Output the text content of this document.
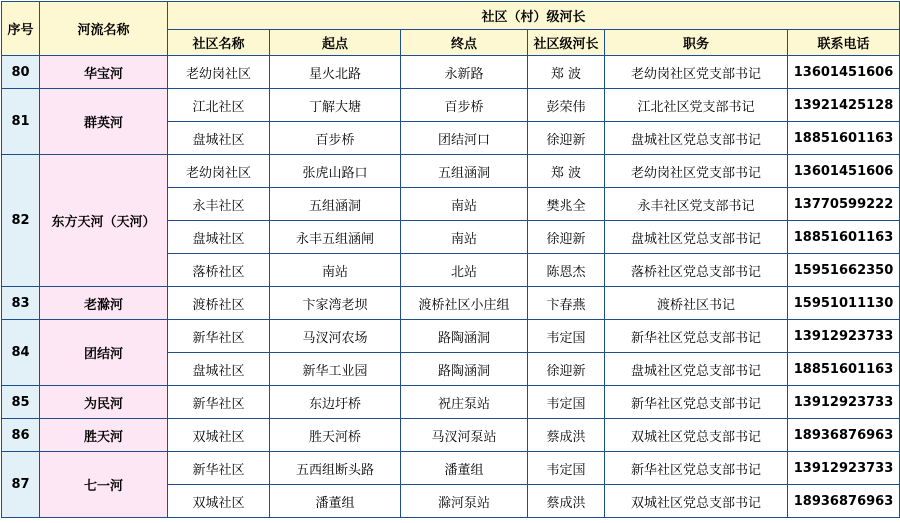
序号	河流名称	社区（村）级河长					
		社区名称	起点	终点	社区级河长	职务	联系电话
80	华宝河	老幼岗社区	星火北路	永新路	郑 波	老幼岗社区党支部书记	13601451606
81	群英河	江北社区	丁解大塘	百步桥	彭荣伟	江北社区党支部书记	13921425128
		盘城社区	百步桥	团结河口	徐迎新	盘城社区党总支部书记	18851601163
82	东方天河（天河）	老幼岗社区	张虎山路口	五组涵洞	郑 波	老幼岗社区党支部书记	13601451606
		永丰社区	五组涵洞	南站	樊兆全	永丰社区党支部书记	13770599222
		盘城社区	永丰五组涵闸	南站	徐迎新	盘城社区党总支部书记	18851601163
		落桥社区	南站	北站	陈恩杰	落桥社区党总支部书记	15951662350
83	老滁河	渡桥社区	卞家湾老坝	渡桥社区小庄组	卞春燕	渡桥社区书记	15951011130
84	团结河	新华社区	马汊河农场	路陶涵洞	韦定国	新华社区党总支部书记	13912923733
		盘城社区	新华工业园	路陶涵洞	徐迎新	盘城社区党总支部书记	18851601163
85	为民河	新华社区	东边圩桥	祝庄泵站	韦定国	新华社区党总支部书记	13912923733
86	胜天河	双城社区	胜天河桥	马汊河泵站	蔡成洪	双城社区党总支部书记	18936876963
87	七一河	新华社区	五西组断头路	潘董组	韦定国	新华社区党总支部书记	13912923733
		双城社区	潘董组	滁河泵站	蔡成洪	双城社区党总支部书记	18936876963
